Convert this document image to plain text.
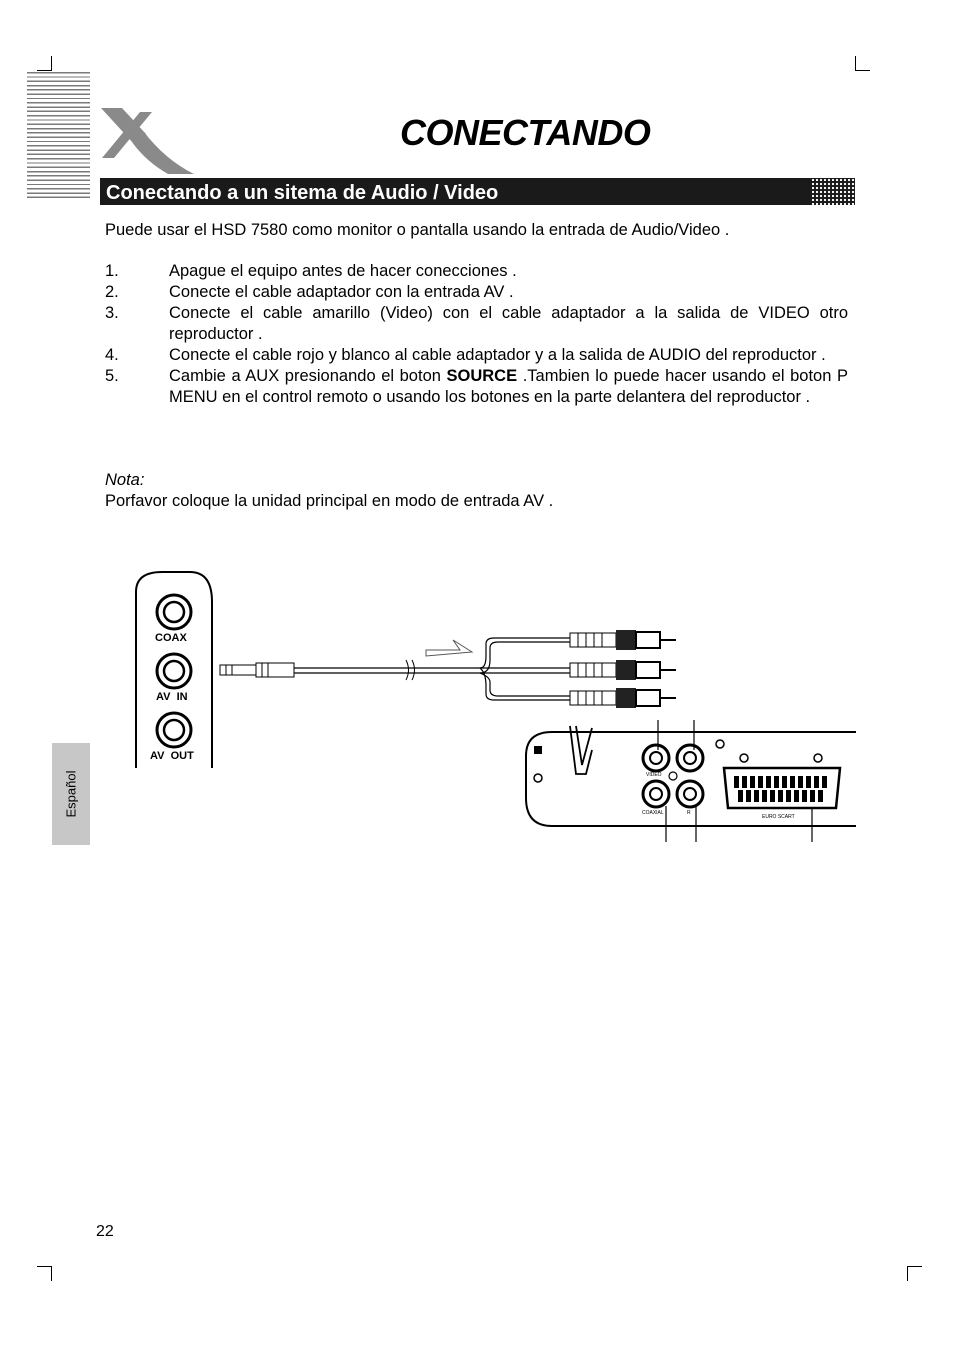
CONECTANDO
Conectando a un sitema de Audio / Video
Puede usar el HSD 7580 como monitor o pantalla usando la entrada de Audio/Video .
1.	Apague el equipo antes de hacer conecciones .
2.	Conecte el cable adaptador con la entrada AV .
3.	Conecte el cable amarillo (Video) con el cable adaptador a la salida de VIDEO otro reproductor .
4.	Conecte el cable rojo y blanco al cable adaptador y a la salida de AUDIO del reproductor .
5.	Cambie a AUX presionando el boton SOURCE .Tambien lo puede hacer usando el boton P MENU en el control remoto o usando los botones en la parte delantera del reproductor .
Nota:
Porfavor coloque la unidad principal en modo de entrada AV .
COAX
AV  IN
AV  OUT
VIDEO
COAXIAL	R
EURO SCART
Español
22
